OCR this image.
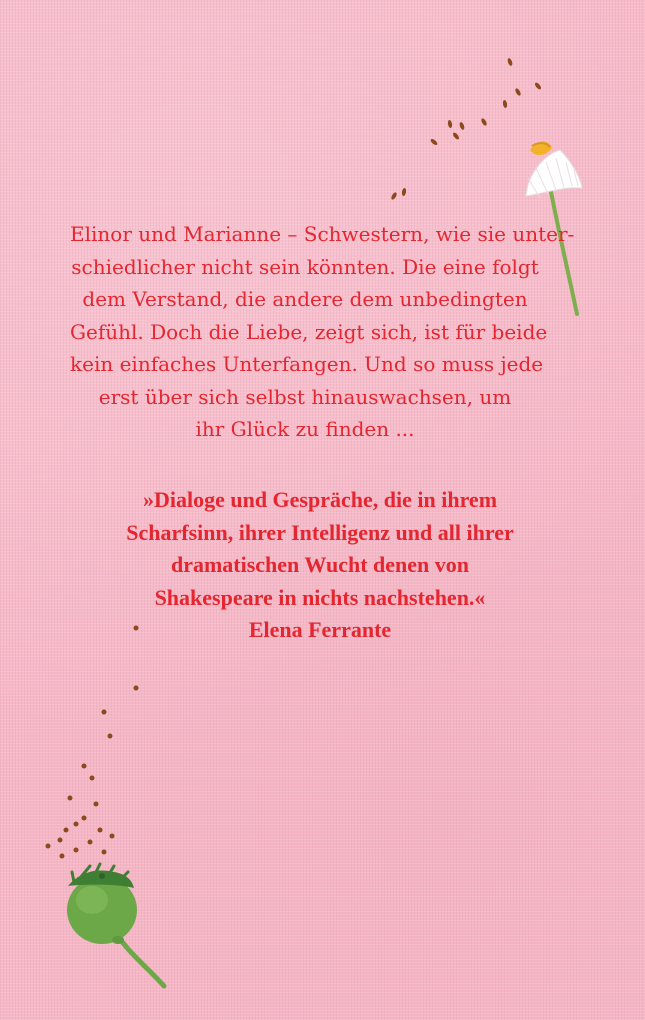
Elinor und Marianne – Schwestern, wie sie unter-
schiedlicher nicht sein könnten. Die eine folgt
dem Verstand, die andere dem unbedingten
Gefühl. Doch die Liebe, zeigt sich, ist für beide
kein einfaches Unterfangen. Und so muss jede
erst über sich selbst hinauswachsen, um
ihr Glück zu finden ...

»Dialoge und Gespräche, die in ihrem
Scharfsinn, ihrer Intelligenz und all ihrer
dramatischen Wucht denen von
Shakespeare in nichts nachstehen.«

Elena Ferrante
